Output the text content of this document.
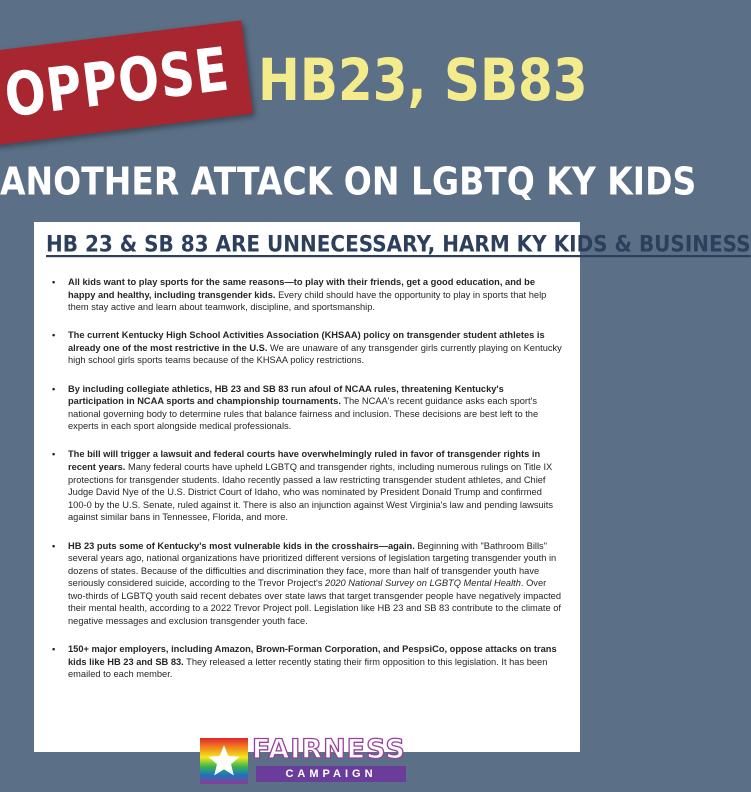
OPPOSE HB23, SB83
ANOTHER ATTACK ON LGBTQ KY KIDS
HB 23 & SB 83 ARE UNNECESSARY, HARM KY KIDS & BUSINESS
•	All kids want to play sports for the same reasons—to play with their friends, get a good education, and be happy and healthy, including transgender kids. Every child should have the opportunity to play in sports that help them stay active and learn about teamwork, discipline, and sportsmanship.
•	The current Kentucky High School Activities Association (KHSAA) policy on transgender student athletes is already one of the most restrictive in the U.S. We are unaware of any transgender girls currently playing on Kentucky high school girls sports teams because of the KHSAA policy restrictions.
•	By including collegiate athletics, HB 23 and SB 83 run afoul of NCAA rules, threatening Kentucky's participation in NCAA sports and championship tournaments. The NCAA's recent guidance asks each sport's national governing body to determine rules that balance fairness and inclusion. These decisions are best left to the experts in each sport alongside medical professionals.
•	The bill will trigger a lawsuit and federal courts have overwhelmingly ruled in favor of transgender rights in recent years. Many federal courts have upheld LGBTQ and transgender rights, including numerous rulings on Title IX protections for transgender students. Idaho recently passed a law restricting transgender student athletes, and Chief Judge David Nye of the U.S. District Court of Idaho, who was nominated by President Donald Trump and confirmed 100-0 by the U.S. Senate, ruled against it. There is also an injunction against West Virginia's law and pending lawsuits against similar bans in Tennessee, Florida, and more.
•	HB 23 puts some of Kentucky's most vulnerable kids in the crosshairs—again. Beginning with "Bathroom Bills" several years ago, national organizations have prioritized different versions of legislation targeting transgender youth in dozens of states. Because of the difficulties and discrimination they face, more than half of transgender youth have seriously considered suicide, according to the Trevor Project's 2020 National Survey on LGBTQ Mental Health. Over two-thirds of LGBTQ youth said recent debates over state laws that target transgender people have negatively impacted their mental health, according to a 2022 Trevor Project poll. Legislation like HB 23 and SB 83 contribute to the climate of negative messages and exclusion transgender youth face.
•	150+ major employers, including Amazon, Brown-Forman Corporation, and PespsiCo, oppose attacks on trans kids like HB 23 and SB 83. They released a letter recently stating their firm opposition to this legislation. It has been emailed to each member.
FAIRNESS
CAMPAIGN
